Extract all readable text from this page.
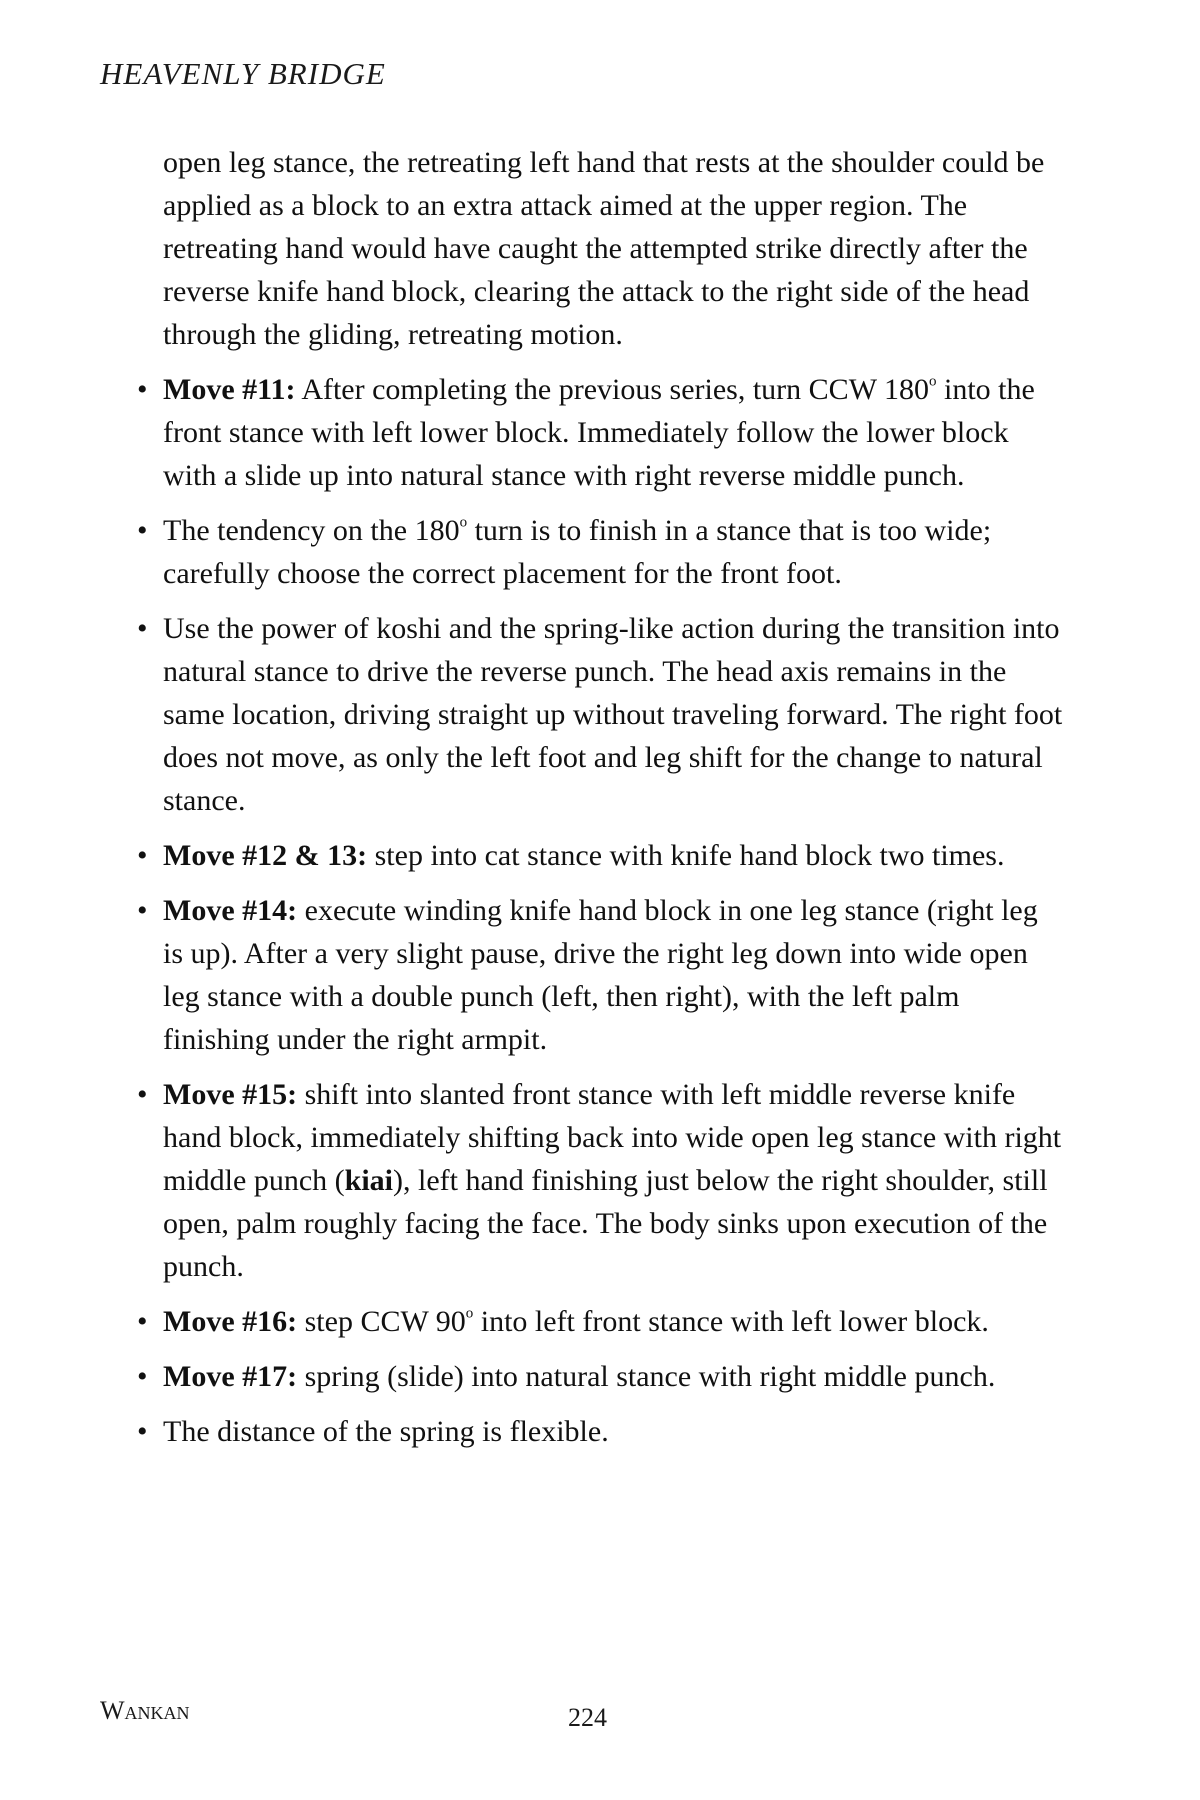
HEAVENLY BRIDGE

open leg stance, the retreating left hand that rests at the shoulder could be applied as a block to an extra attack aimed at the upper region. The retreating hand would have caught the attempted strike directly after the reverse knife hand block, clearing the attack to the right side of the head through the gliding, retreating motion.

• Move #11: After completing the previous series, turn CCW 180$^o$ into the front stance with left lower block. Immediately follow the lower block with a slide up into natural stance with right reverse middle punch.
• The tendency on the 180$^o$ turn is to finish in a stance that is too wide; carefully choose the correct placement for the front foot.
• Use the power of koshi and the spring-like action during the transition into natural stance to drive the reverse punch. The head axis remains in the same location, driving straight up without traveling forward. The right foot does not move, as only the left foot and leg shift for the change to natural stance.
• Move #12 & 13: step into cat stance with knife hand block two times.
• Move #14: execute winding knife hand block in one leg stance (right leg is up). After a very slight pause, drive the right leg down into wide open leg stance with a double punch (left, then right), with the left palm finishing under the right armpit.
• Move #15: shift into slanted front stance with left middle reverse knife hand block, immediately shifting back into wide open leg stance with right middle punch (kiai), left hand finishing just below the right shoulder, still open, palm roughly facing the face. The body sinks upon execution of the punch.
• Move #16: step CCW 90$^o$ into left front stance with left lower block.
• Move #17: spring (slide) into natural stance with right middle punch.
• The distance of the spring is flexible.
Wankan	224
